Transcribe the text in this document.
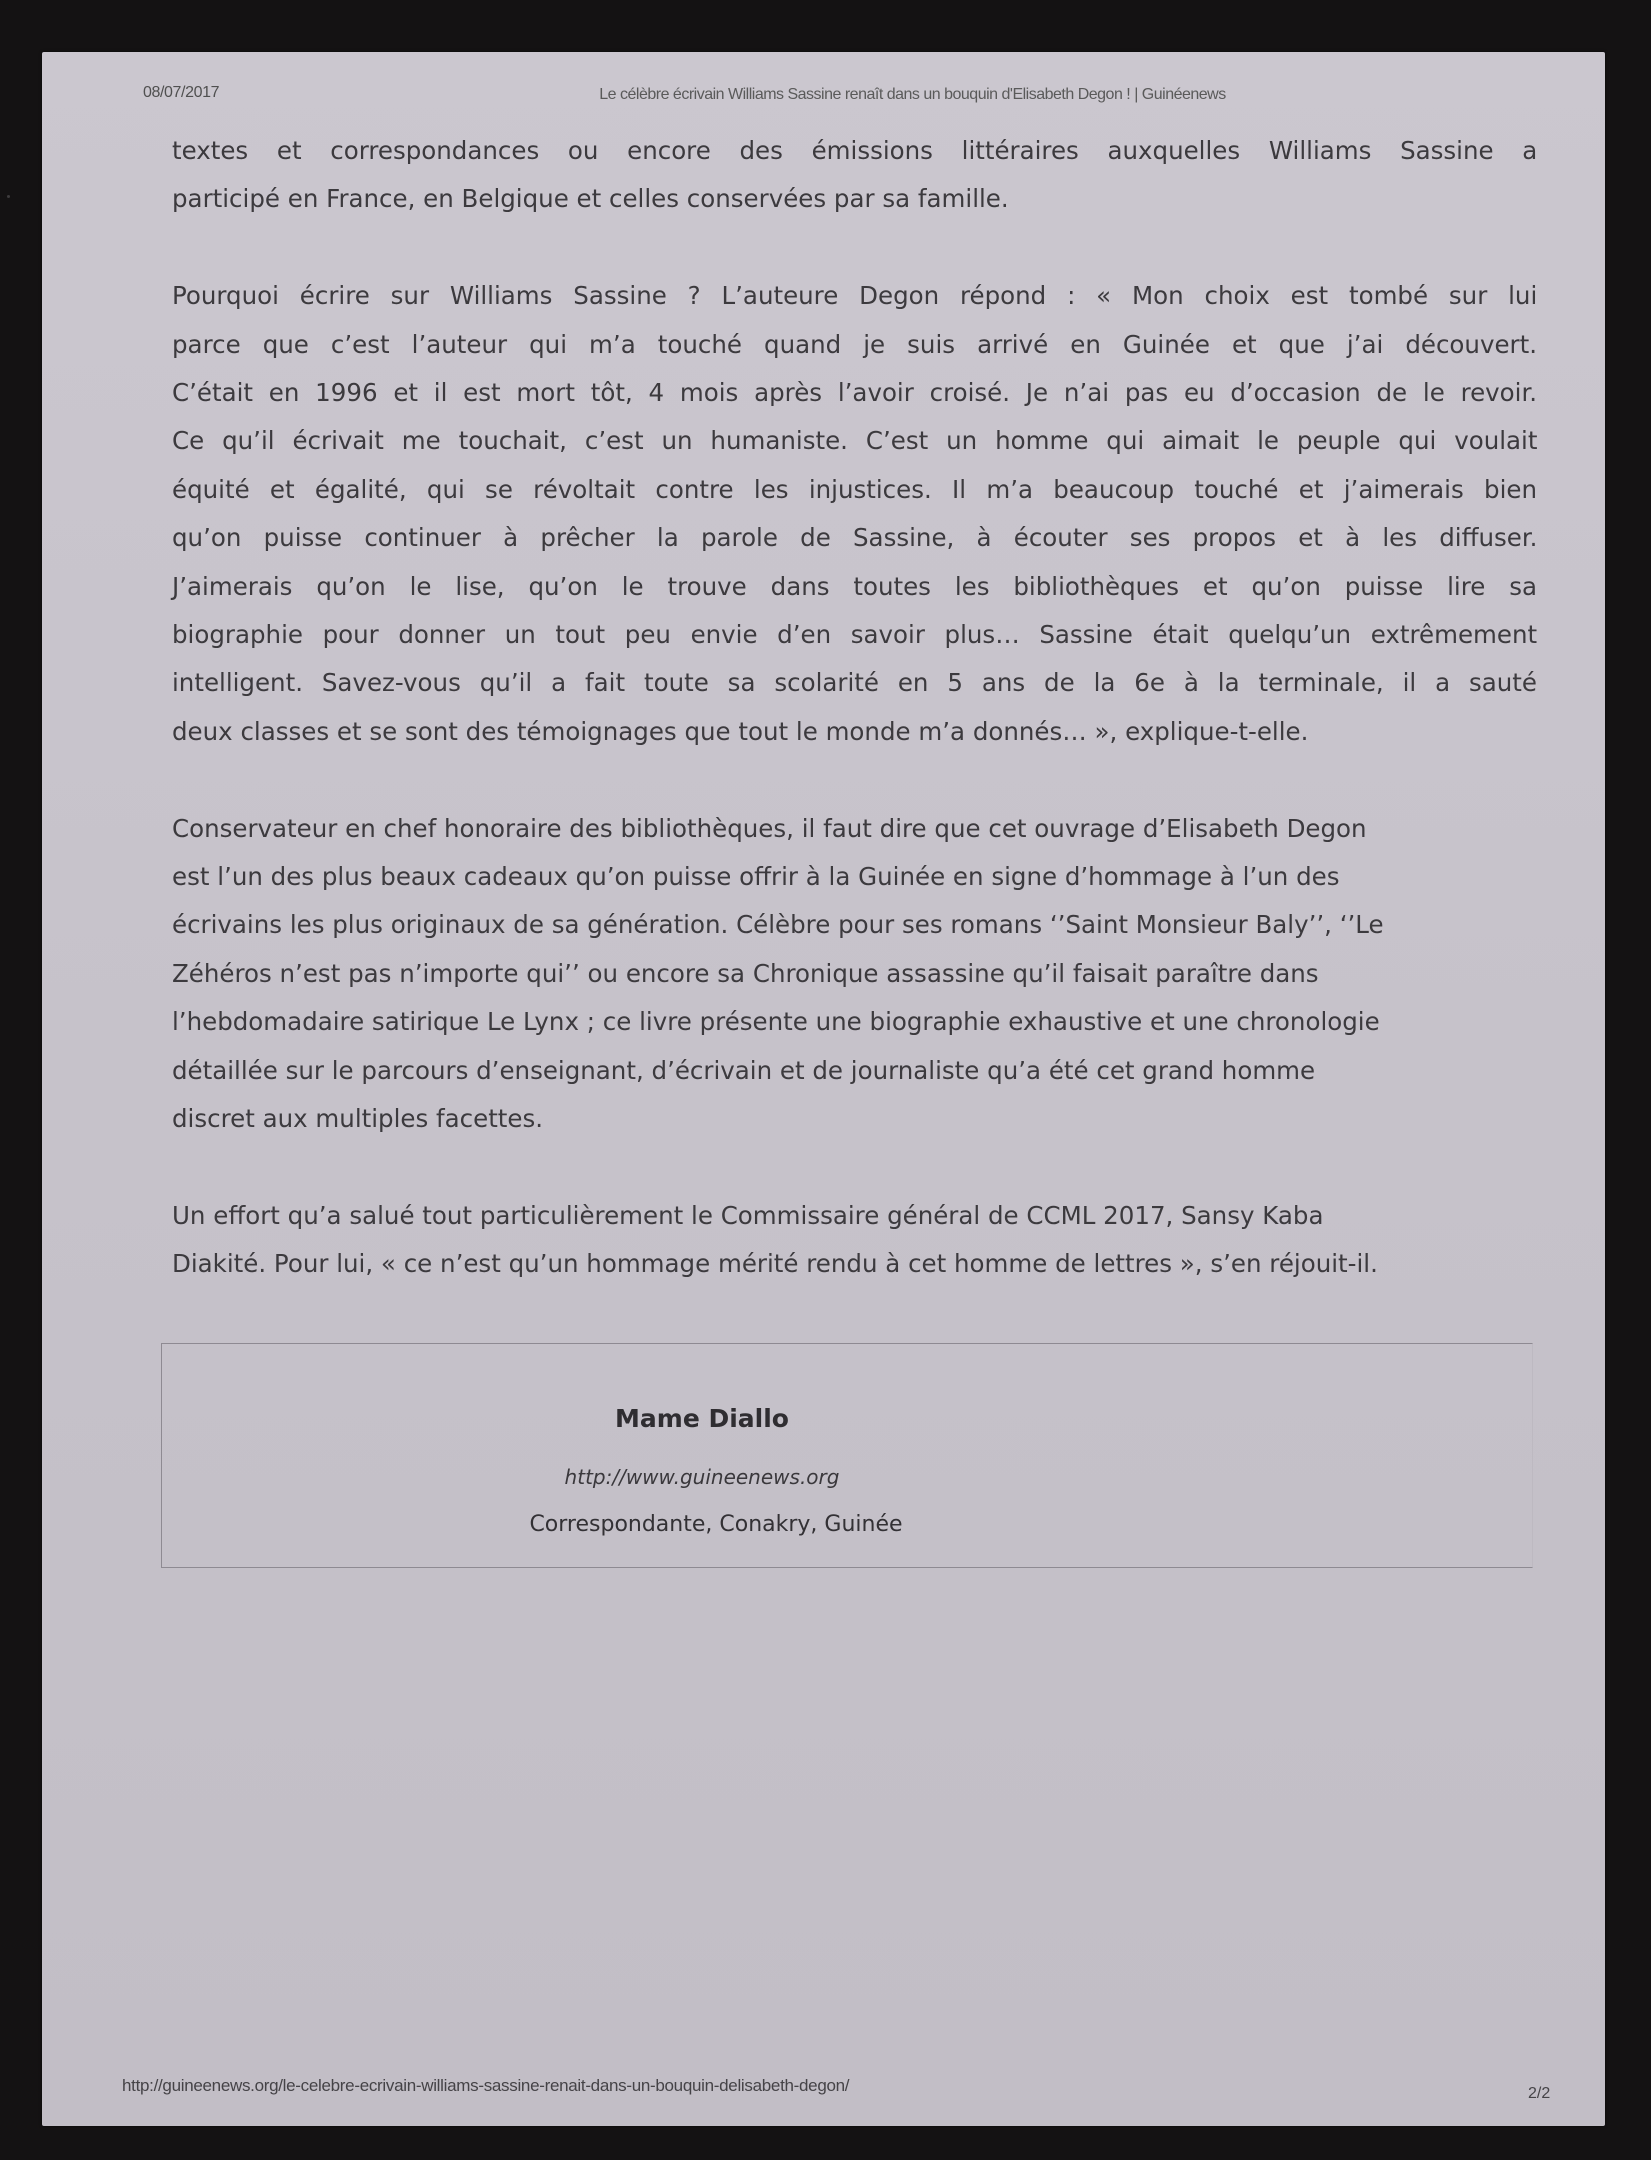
08/07/2017	Le célèbre écrivain Williams Sassine renaît dans un bouquin d'Elisabeth Degon ! | Guinéenews

textes et correspondances ou encore des émissions littéraires auxquelles Williams Sassine a
participé en France, en Belgique et celles conservées par sa famille.

Pourquoi écrire sur Williams Sassine ? L’auteure Degon répond : « Mon choix est tombé sur lui
parce que c’est l’auteur qui m’a touché quand je suis arrivé en Guinée et que j’ai découvert.
C’était en 1996 et il est mort tôt, 4 mois après l’avoir croisé. Je n’ai pas eu d’occasion de le revoir.
Ce qu’il écrivait me touchait, c’est un humaniste. C’est un homme qui aimait le peuple qui voulait
équité et égalité, qui se révoltait contre les injustices. Il m’a beaucoup touché et j’aimerais bien
qu’on puisse continuer à prêcher la parole de Sassine, à écouter ses propos et à les diffuser.
J’aimerais qu’on le lise, qu’on le trouve dans toutes les bibliothèques et qu’on puisse lire sa
biographie pour donner un tout peu envie d’en savoir plus… Sassine était quelqu’un extrêmement
intelligent. Savez-vous qu’il a fait toute sa scolarité en 5 ans de la 6e à la terminale, il a sauté
deux classes et se sont des témoignages que tout le monde m’a donnés… », explique-t-elle.

Conservateur en chef honoraire des bibliothèques, il faut dire que cet ouvrage d’Elisabeth Degon
est l’un des plus beaux cadeaux qu’on puisse offrir à la Guinée en signe d’hommage à l’un des
écrivains les plus originaux de sa génération. Célèbre pour ses romans ‘’Saint Monsieur Baly’’, ‘’Le
Zéhéros n’est pas n’importe qui’’ ou encore sa Chronique assassine qu’il faisait paraître dans
l’hebdomadaire satirique Le Lynx ; ce livre présente une biographie exhaustive et une chronologie
détaillée sur le parcours d’enseignant, d’écrivain et de journaliste qu’a été cet grand homme
discret aux multiples facettes.

Un effort qu’a salué tout particulièrement le Commissaire général de CCML 2017, Sansy Kaba
Diakité. Pour lui, « ce n’est qu’un hommage mérité rendu à cet homme de lettres », s’en réjouit-il.

Mame Diallo
http://www.guineenews.org
Correspondante, Conakry, Guinée
http://guineenews.org/le-celebre-ecrivain-williams-sassine-renait-dans-un-bouquin-delisabeth-degon/	2/2
